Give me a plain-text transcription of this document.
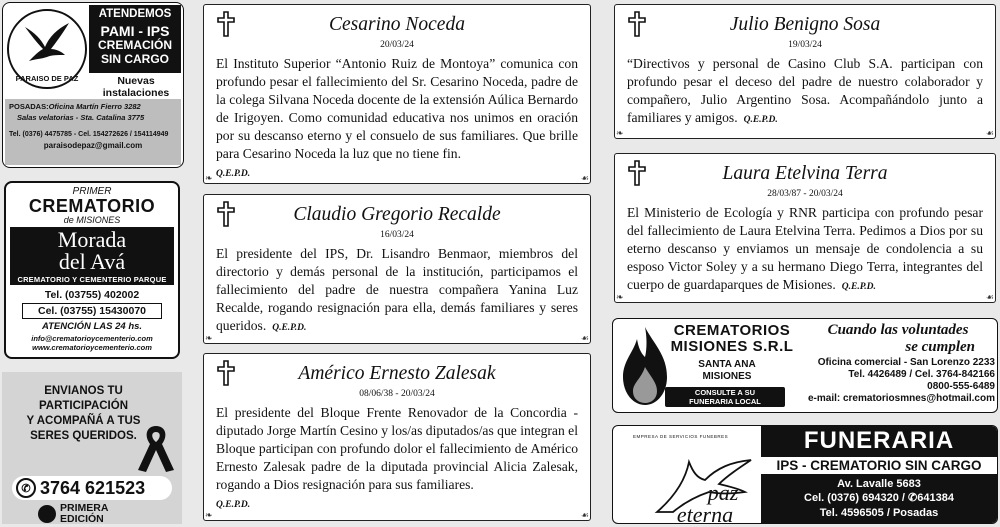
PARAISO DE PAZ
ATENDEMOS
PAMI - IPS
CREMACIÓN
SIN CARGO
Nuevas instalaciones
POSADAS:Oficina Martín Fierro 3282
Salas velatorias - Sta. Catalina 3775
Tel. (0376) 4475785 - Cel. 154272626 / 154114949
paraisodepaz@gmail.com
PRIMER
CREMATORIO
de MISIONES
Morada
del Avá
CREMATORIO Y CEMENTERIO PARQUE
Tel. (03755) 402002
Cel. (03755) 15430070
ATENCIÓN LAS 24 hs.
info@crematorioycementerio.com
www.crematorioycementerio.com
ENVIANOS TU
PARTICIPACIÓN
Y ACOMPAÑÁ A TUS
SERES QUERIDOS.
✆ 3764 621523
PRIMERA
EDICIÓN
Cesarino Noceda
20/03/24

El Instituto Superior “Antonio Ruiz de Montoya” comunica con profundo pesar el fallecimiento del Sr. Cesarino Noceda, padre de la colega Silvana Noceda docente de la extensión Aúlica Bernardo de Irigoyen. Como comunidad educativa nos unimos en oración por su descanso eterno y el consuelo de sus familiares. Que brille para Cesarino Noceda la luz que no tiene fin.
Q.E.P.D.

❧	☙
Claudio Gregorio Recalde
16/03/24

El presidente del IPS, Dr. Lisandro Benmaor, miembros del directorio y demás personal de la institución, participamos el fallecimiento del padre de nuestra compañera Yanina Luz Recalde, rogando resignación para ella, demás familiares y seres queridos. Q.E.P.D.

❧	☙
Américo Ernesto Zalesak
08/06/38 - 20/03/24

El presidente del Bloque Frente Renovador de la Concordia - diputado Jorge Martín Cesino y los/as diputados/as que integran el Bloque participan con profundo dolor el fallecimiento de Américo Ernesto Zalesak padre de la diputada provincial Alicia Zalesak, rogando a Dios resignación para sus familiares.
Q.E.P.D.

❧	☙
Julio Benigno Sosa
19/03/24

“Directivos y personal de Casino Club S.A. participan con profundo pesar el deceso del padre de nuestro colaborador y compañero, Julio Argentino Sosa. Acompañándolo junto a familiares y amigos. Q.E.P.D.

❧	☙
Laura Etelvina Terra
28/03/87 - 20/03/24

El Ministerio de Ecología y RNR participa con profundo pesar del fallecimiento de Laura Etelvina Terra. Pedimos a Dios por su eterno descanso y enviamos un mensaje de condolencia a su esposo Victor Soley y a su hermano Diego Terra, integrantes del cuerpo de guardaparques de Misiones. Q.E.P.D.

❧	☙
CREMATORIOS
MISIONES S.R.L
SANTA ANA
MISIONES
CONSULTE A SU
FUNERARIA LOCAL
Cuando las voluntades
se cumplen
Oficina comercial - San Lorenzo 2233
Tel. 4426489 / Cel. 3764-842166
0800-555-6489
e-mail: crematoriosmnes@hotmail.com
EMPRESA DE SERVICIOS FUNEBRES
paz
eterna
FUNERARIA
IPS - CREMATORIO SIN CARGO
Av. Lavalle 5683
Cel. (0376) 694320 / ✆641384
Tel. 4596505 / Posadas
